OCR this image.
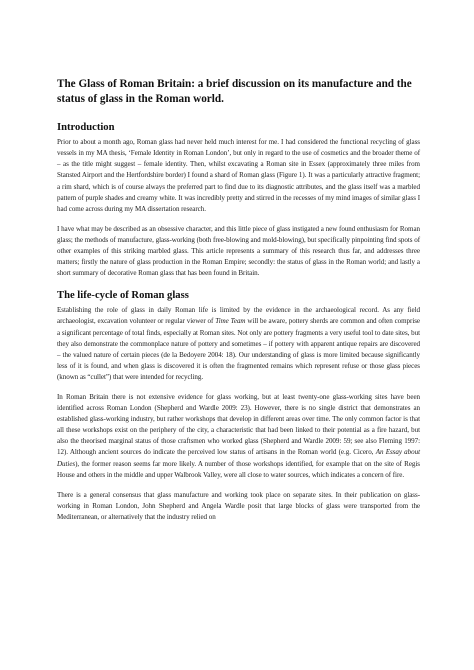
The Glass of Roman Britain: a brief discussion on its manufacture and the status of glass in the Roman world.
Introduction

Prior to about a month ago, Roman glass had never held much interest for me. I had considered the functional recycling of glass vessels in my MA thesis, ‘Female Identity in Roman London’, but only in regard to the use of cosmetics and the broader theme of – as the title might suggest – female identity. Then, whilst excavating a Roman site in Essex (approximately three miles from Stansted Airport and the Hertfordshire border) I found a shard of Roman glass (Figure 1). It was a particularly attractive fragment; a rim shard, which is of course always the preferred part to find due to its diagnostic attributes, and the glass itself was a marbled pattern of purple shades and creamy white. It was incredibly pretty and stirred in the recesses of my mind images of similar glass I had come across during my MA dissertation research.

I have what may be described as an obsessive character, and this little piece of glass instigated a new found enthusiasm for Roman glass; the methods of manufacture, glass-working (both free-blowing and mold-blowing), but specifically pinpointing find spots of other examples of this striking marbled glass. This article represents a summary of this research thus far, and addresses three matters; firstly the nature of glass production in the Roman Empire; secondly: the status of glass in the Roman world; and lastly a short summary of decorative Roman glass that has been found in Britain.

The life-cycle of Roman glass

Establishing the role of glass in daily Roman life is limited by the evidence in the archaeological record. As any field archaeologist, excavation volunteer or regular viewer of Time Team will be aware, pottery sherds are common and often comprise a significant percentage of total finds, especially at Roman sites. Not only are pottery fragments a very useful tool to date sites, but they also demonstrate the commonplace nature of pottery and sometimes – if pottery with apparent antique repairs are discovered – the valued nature of certain pieces (de la Bedoyere 2004: 18). Our understanding of glass is more limited because significantly less of it is found, and when glass is discovered it is often the fragmented remains which represent refuse or those glass pieces (known as “cullet”) that were intended for recycling.

In Roman Britain there is not extensive evidence for glass working, but at least twenty-one glass-working sites have been identified across Roman London (Shepherd and Wardle 2009: 23). However, there is no single district that demonstrates an established glass-working industry, but rather workshops that develop in different areas over time. The only common factor is that all these workshops exist on the periphery of the city, a characteristic that had been linked to their potential as a fire hazard, but also the theorised marginal status of those craftsmen who worked glass (Shepherd and Wardle 2009: 59; see also Fleming 1997: 12). Although ancient sources do indicate the perceived low status of artisans in the Roman world (e.g. Cicero, An Essay about Duties), the former reason seems far more likely. A number of those workshops identified, for example that on the site of Regis House and others in the middle and upper Walbrook Valley, were all close to water sources, which indicates a concern of fire.

There is a general consensus that glass manufacture and working took place on separate sites. In their publication on glass-working in Roman London, John Shepherd and Angela Wardle posit that large blocks of glass were transported from the Mediterranean, or alternatively that the industry relied on
